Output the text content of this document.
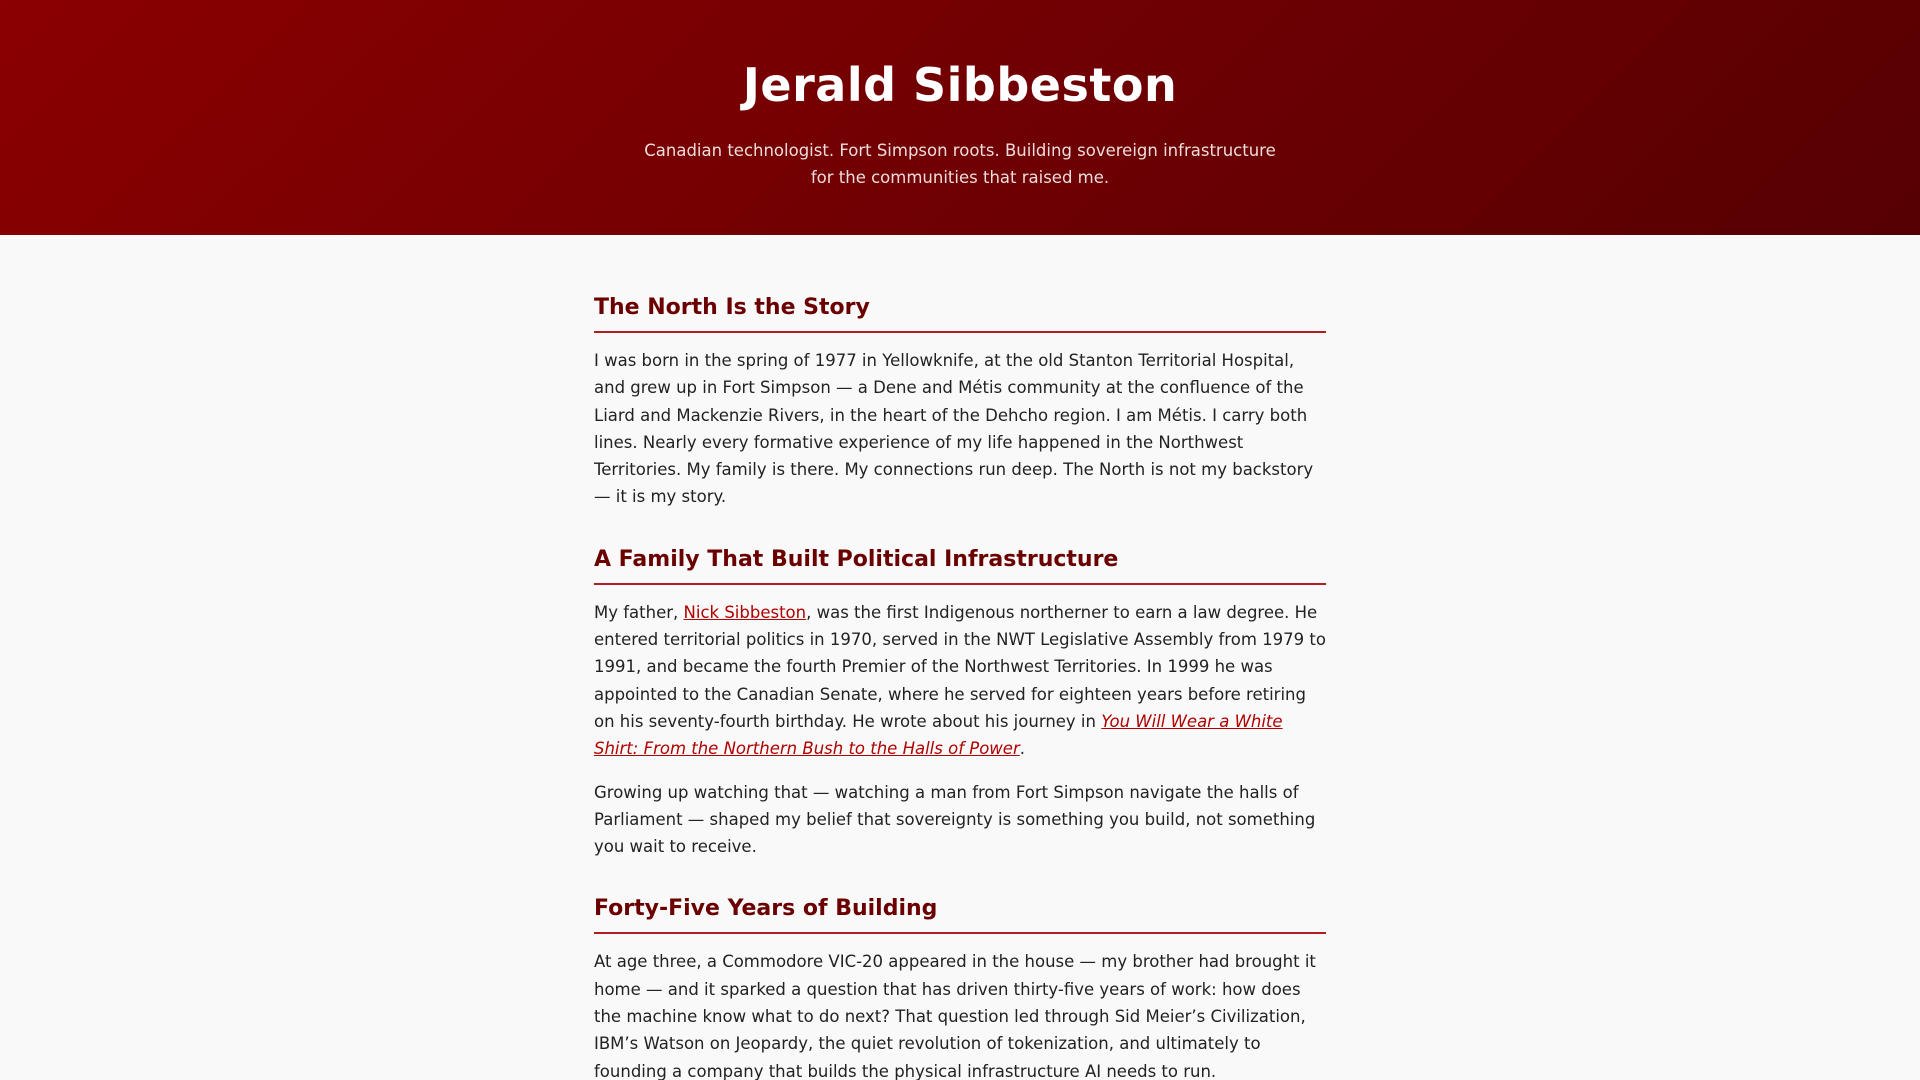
Jerald Sibbeston
Canadian technologist. Fort Simpson roots. Building sovereign infrastructure
for the communities that raised me.
The North Is the Story

I was born in the spring of 1977 in Yellowknife, at the old Stanton Territorial Hospital, and grew up in Fort Simpson — a Dene and Métis community at the confluence of the Liard and Mackenzie Rivers, in the heart of the Dehcho region. I am Métis. I carry both lines. Nearly every formative experience of my life happened in the Northwest Territories. My family is there. My connections run deep. The North is not my backstory — it is my story.

A Family That Built Political Infrastructure

My father, Nick Sibbeston, was the first Indigenous northerner to earn a law degree. He entered territorial politics in 1970, served in the NWT Legislative Assembly from 1979 to 1991, and became the fourth Premier of the Northwest Territories. In 1999 he was appointed to the Canadian Senate, where he served for eighteen years before retiring on his seventy-fourth birthday. He wrote about his journey in You Will Wear a White Shirt: From the Northern Bush to the Halls of Power.

Growing up watching that — watching a man from Fort Simpson navigate the halls of Parliament — shaped my belief that sovereignty is something you build, not something you wait to receive.

Forty-Five Years of Building

At age three, a Commodore VIC-20 appeared in the house — my brother had brought it home — and it sparked a question that has driven thirty-five years of work: how does the machine know what to do next? That question led through Sid Meier’s Civilization, IBM’s Watson on Jeopardy, the quiet revolution of tokenization, and ultimately to founding a company that builds the physical infrastructure AI needs to run.
